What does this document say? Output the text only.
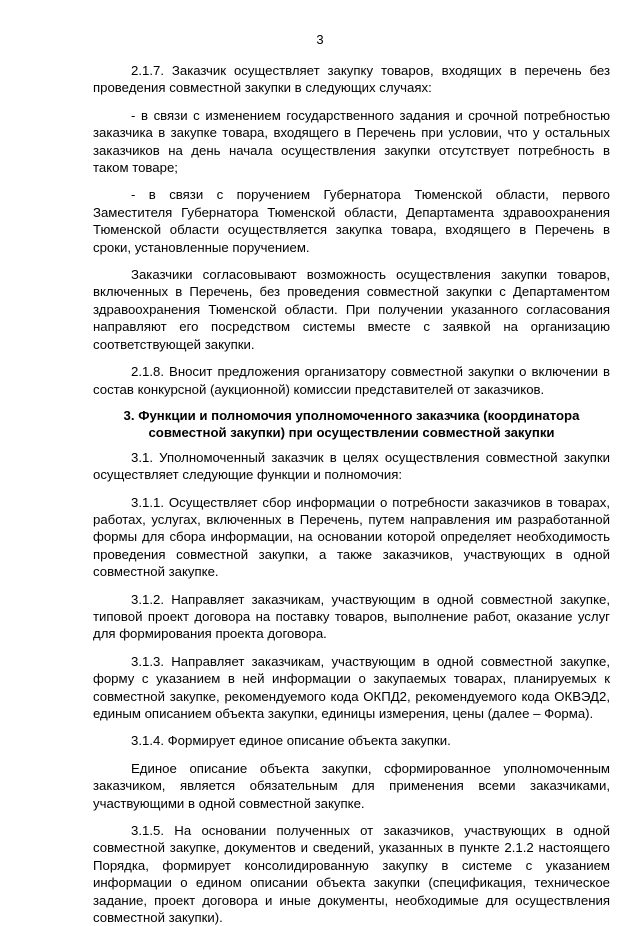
3

2.1.7. Заказчик осуществляет закупку товаров, входящих в перечень без проведения совместной закупки в следующих случаях:

- в связи с изменением государственного задания и срочной потребностью заказчика в закупке товара, входящего в Перечень при условии, что у остальных заказчиков на день начала осуществления закупки отсутствует потребность в таком товаре;

- в связи с поручением Губернатора Тюменской области, первого Заместителя Губернатора Тюменской области, Департамента здравоохранения Тюменской области осуществляется закупка товара, входящего в Перечень в сроки, установленные поручением.

Заказчики согласовывают возможность осуществления закупки товаров, включенных в Перечень, без проведения совместной закупки с Департаментом здравоохранения Тюменской области. При получении указанного согласования направляют его посредством системы вместе с заявкой на организацию соответствующей закупки.

2.1.8. Вносит предложения организатору совместной закупки о включении в состав конкурсной (аукционной) комиссии представителей от заказчиков.

3. Функции и полномочия уполномоченного заказчика (координатора
совместной закупки) при осуществлении совместной закупки

3.1. Уполномоченный заказчик в целях осуществления совместной закупки осуществляет следующие функции и полномочия:

3.1.1. Осуществляет сбор информации о потребности заказчиков в товарах, работах, услугах, включенных в Перечень, путем направления им разработанной формы для сбора информации, на основании которой определяет необходимость проведения совместной закупки, а также заказчиков, участвующих в одной совместной закупке.

3.1.2. Направляет заказчикам, участвующим в одной совместной закупке, типовой проект договора на поставку товаров, выполнение работ, оказание услуг для формирования проекта договора.

3.1.3. Направляет заказчикам, участвующим в одной совместной закупке, форму с указанием в ней информации о закупаемых товарах, планируемых к совместной закупке, рекомендуемого кода ОКПД2, рекомендуемого кода ОКВЭД2, единым описанием объекта закупки, единицы измерения, цены (далее – Форма).

3.1.4. Формирует единое описание объекта закупки.

Единое описание объекта закупки, сформированное уполномоченным заказчиком, является обязательным для применения всеми заказчиками, участвующими в одной совместной закупке.

3.1.5. На основании полученных от заказчиков, участвующих в одной совместной закупке, документов и сведений, указанных в пункте 2.1.2 настоящего Порядка, формирует консолидированную закупку в системе с указанием информации о едином описании объекта закупки (спецификация, техническое задание, проект договора и иные документы, необходимые для осуществления совместной закупки).
